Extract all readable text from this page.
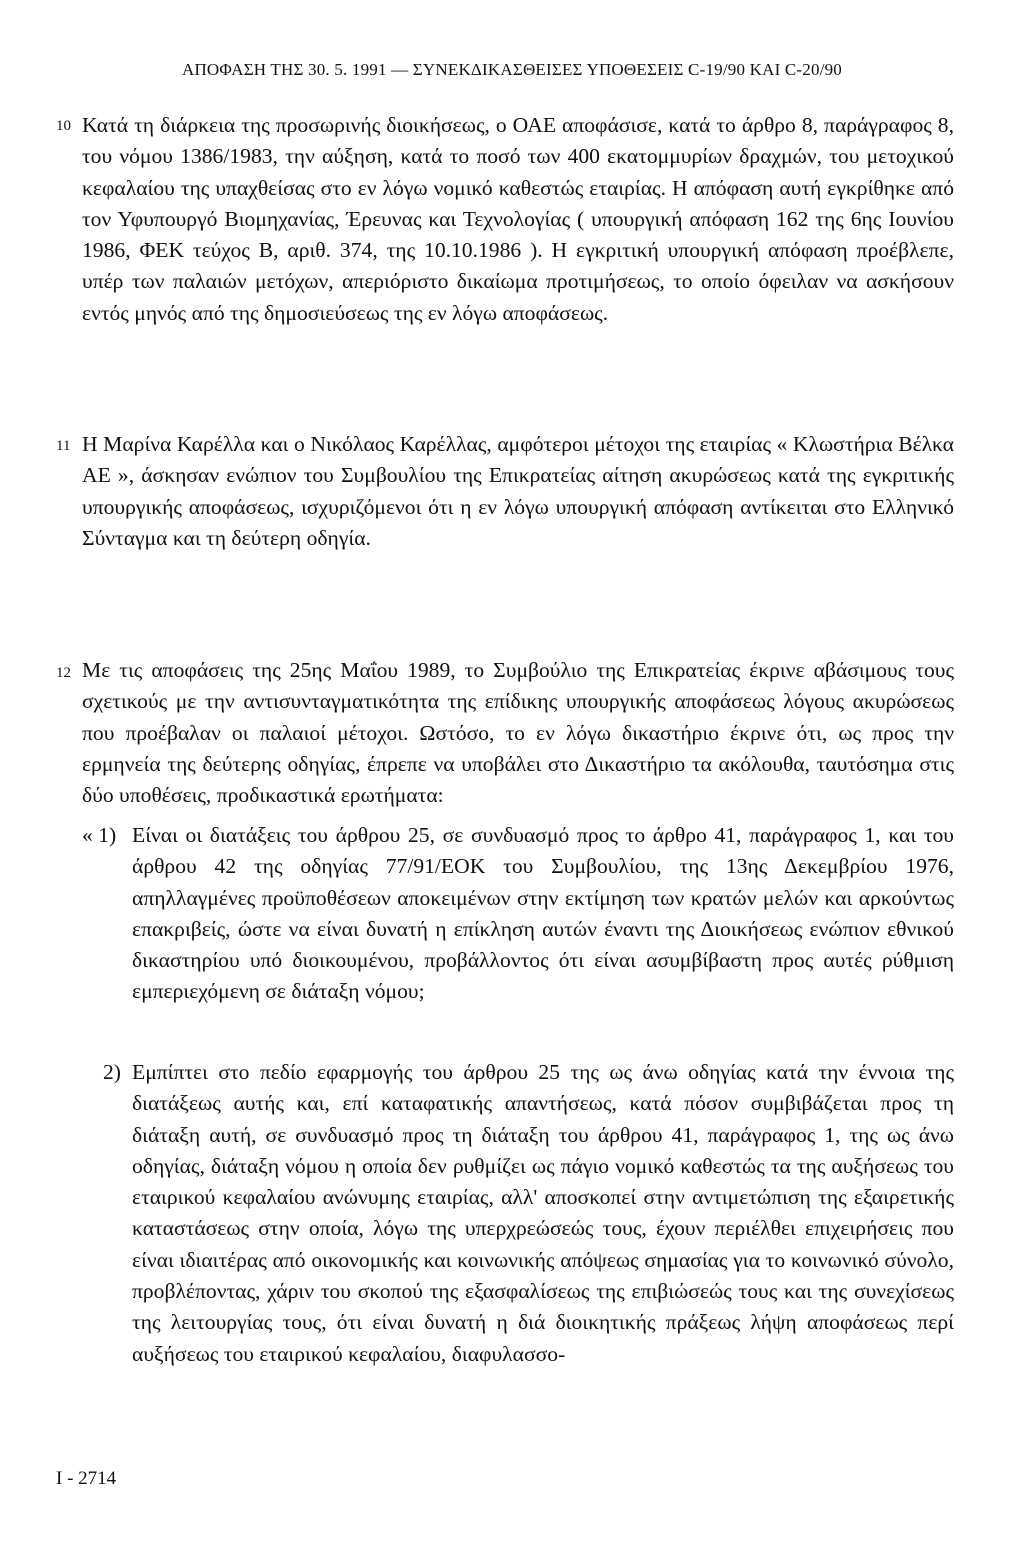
ΑΠΟΦΑΣΗ ΤΗΣ 30. 5. 1991 — ΣΥΝΕΚΔΙΚΑΣΘΕΙΣΕΣ ΥΠΟΘΕΣΕΙΣ C-19/90 ΚΑΙ C-20/90
10 Κατά τη διάρκεια της προσωρινής διοικήσεως, ο ΟΑΕ αποφάσισε, κατά το άρθρο 8, παράγραφος 8, του νόμου 1386/1983, την αύξηση, κατά το ποσό των 400 εκατομμυρίων δραχμών, του μετοχικού κεφαλαίου της υπαχθείσας στο εν λόγω νομικό καθεστώς εταιρίας. Η απόφαση αυτή εγκρίθηκε από τον Υφυπουργό Βιομηχανίας, Έρευνας και Τεχνολογίας ( υπουργική απόφαση 162 της 6ης Ιουνίου 1986, ΦΕΚ τεύχος Β, αριθ. 374, της 10.10.1986 ). Η εγκριτική υπουργική απόφαση προέβλεπε, υπέρ των παλαιών μετόχων, απεριόριστο δικαίωμα προτιμήσεως, το οποίο όφειλαν να ασκήσουν εντός μηνός από της δημοσιεύσεως της εν λόγω αποφάσεως.
11 Η Μαρίνα Καρέλλα και ο Νικόλαος Καρέλλας, αμφότεροι μέτοχοι της εταιρίας « Κλωστήρια Βέλκα ΑΕ », άσκησαν ενώπιον του Συμβουλίου της Επικρατείας αίτηση ακυρώσεως κατά της εγκριτικής υπουργικής αποφάσεως, ισχυριζόμενοι ότι η εν λόγω υπουργική απόφαση αντίκειται στο Ελληνικό Σύνταγμα και τη δεύτερη οδηγία.
12 Με τις αποφάσεις της 25ης Μαΐου 1989, το Συμβούλιο της Επικρατείας έκρινε αβάσιμους τους σχετικούς με την αντισυνταγματικότητα της επίδικης υπουργικής αποφάσεως λόγους ακυρώσεως που προέβαλαν οι παλαιοί μέτοχοι. Ωστόσο, το εν λόγω δικαστήριο έκρινε ότι, ως προς την ερμηνεία της δεύτερης οδηγίας, έπρεπε να υποβάλει στο Δικαστήριο τα ακόλουθα, ταυτόσημα στις δύο υποθέσεις, προδικαστικά ερωτήματα:
« 1) Είναι οι διατάξεις του άρθρου 25, σε συνδυασμό προς το άρθρο 41, παράγραφος 1, και του άρθρου 42 της οδηγίας 77/91/ΕΟΚ του Συμβουλίου, της 13ης Δεκεμβρίου 1976, απηλλαγμένες προϋποθέσεων αποκειμένων στην εκτίμηση των κρατών μελών και αρκούντως επακριβείς, ώστε να είναι δυνατή η επίκληση αυτών έναντι της Διοικήσεως ενώπιον εθνικού δικαστηρίου υπό διοικουμένου, προβάλλοντος ότι είναι ασυμβίβαστη προς αυτές ρύθμιση εμπεριεχόμενη σε διάταξη νόμου;
2) Εμπίπτει στο πεδίο εφαρμογής του άρθρου 25 της ως άνω οδηγίας κατά την έννοια της διατάξεως αυτής και, επί καταφατικής απαντήσεως, κατά πόσον συμβιβάζεται προς τη διάταξη αυτή, σε συνδυασμό προς τη διάταξη του άρθρου 41, παράγραφος 1, της ως άνω οδηγίας, διάταξη νόμου η οποία δεν ρυθμίζει ως πάγιο νομικό καθεστώς τα της αυξήσεως του εταιρικού κεφαλαίου ανώνυμης εταιρίας, αλλ' αποσκοπεί στην αντιμετώπιση της εξαιρετικής καταστάσεως στην οποία, λόγω της υπερχρεώσεώς τους, έχουν περιέλθει επιχειρήσεις που είναι ιδιαιτέρας από οικονομικής και κοινωνικής απόψεως σημασίας για το κοινωνικό σύνολο, προβλέποντας, χάριν του σκοπού της εξασφαλίσεως της επιβιώσεώς τους και της συνεχίσεως της λειτουργίας τους, ότι είναι δυνατή η διά διοικητικής πράξεως λήψη αποφάσεως περί αυξήσεως του εταιρικού κεφαλαίου, διαφυλασσο-
I - 2714
